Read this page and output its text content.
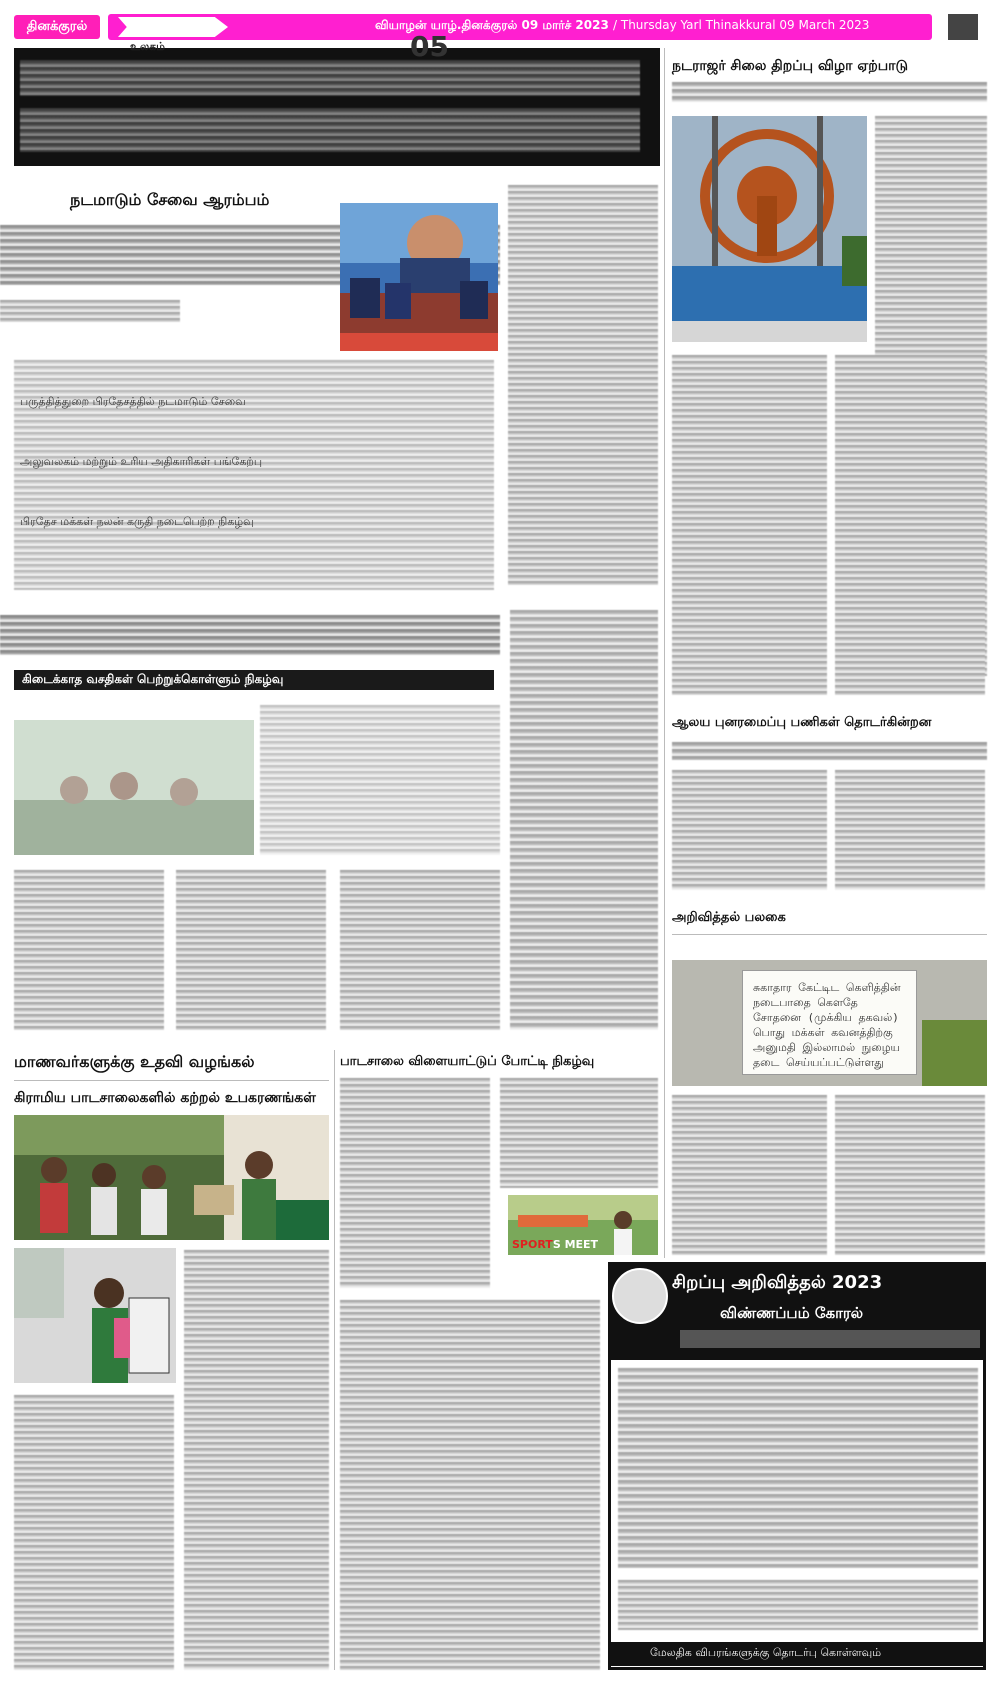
தினக்குரல்	வியாழன் யாழ்.தினக்குரல் 09 மார்ச் 2023 / Thursday Yarl Thinakkural 09 March 2023
05
உலகம்
நடமாடும் சேவை ஆரம்பம்
பருத்தித்துறை பிரதேசத்தில் நடமாடும் சேவை
அலுவலகம் மற்றும் உரிய அதிகாரிகள் பங்கேற்பு
பிரதேச மக்கள் நலன் கருதி நடைபெற்ற நிகழ்வு
கிடைக்காத வசதிகள் பெற்றுக்கொள்ளும் நிகழ்வு
மாணவர்களுக்கு உதவி வழங்கல்
கிராமிய பாடசாலைகளில் கற்றல் உபகரணங்கள்
பாடசாலை விளையாட்டுப் போட்டி நிகழ்வு
SPORTS MEET
நடராஜர் சிலை திறப்பு விழா ஏற்பாடு
ஆலய புனரமைப்பு பணிகள் தொடர்கின்றன
அறிவித்தல் பலகை
சுகாதார கேட்டிட கெளித்தின்
நடைபாதை கெளதே
சோதனை (முக்கிய தகவல்)
பொது மக்கள் கவனத்திற்கு
அனுமதி இல்லாமல் நுழைய
தடை செய்யப்பட்டுள்ளது
சிறப்பு அறிவித்தல் 2023
விண்ணப்பம் கோரல்
மேலதிக விபரங்களுக்கு தொடர்பு கொள்ளவும்
